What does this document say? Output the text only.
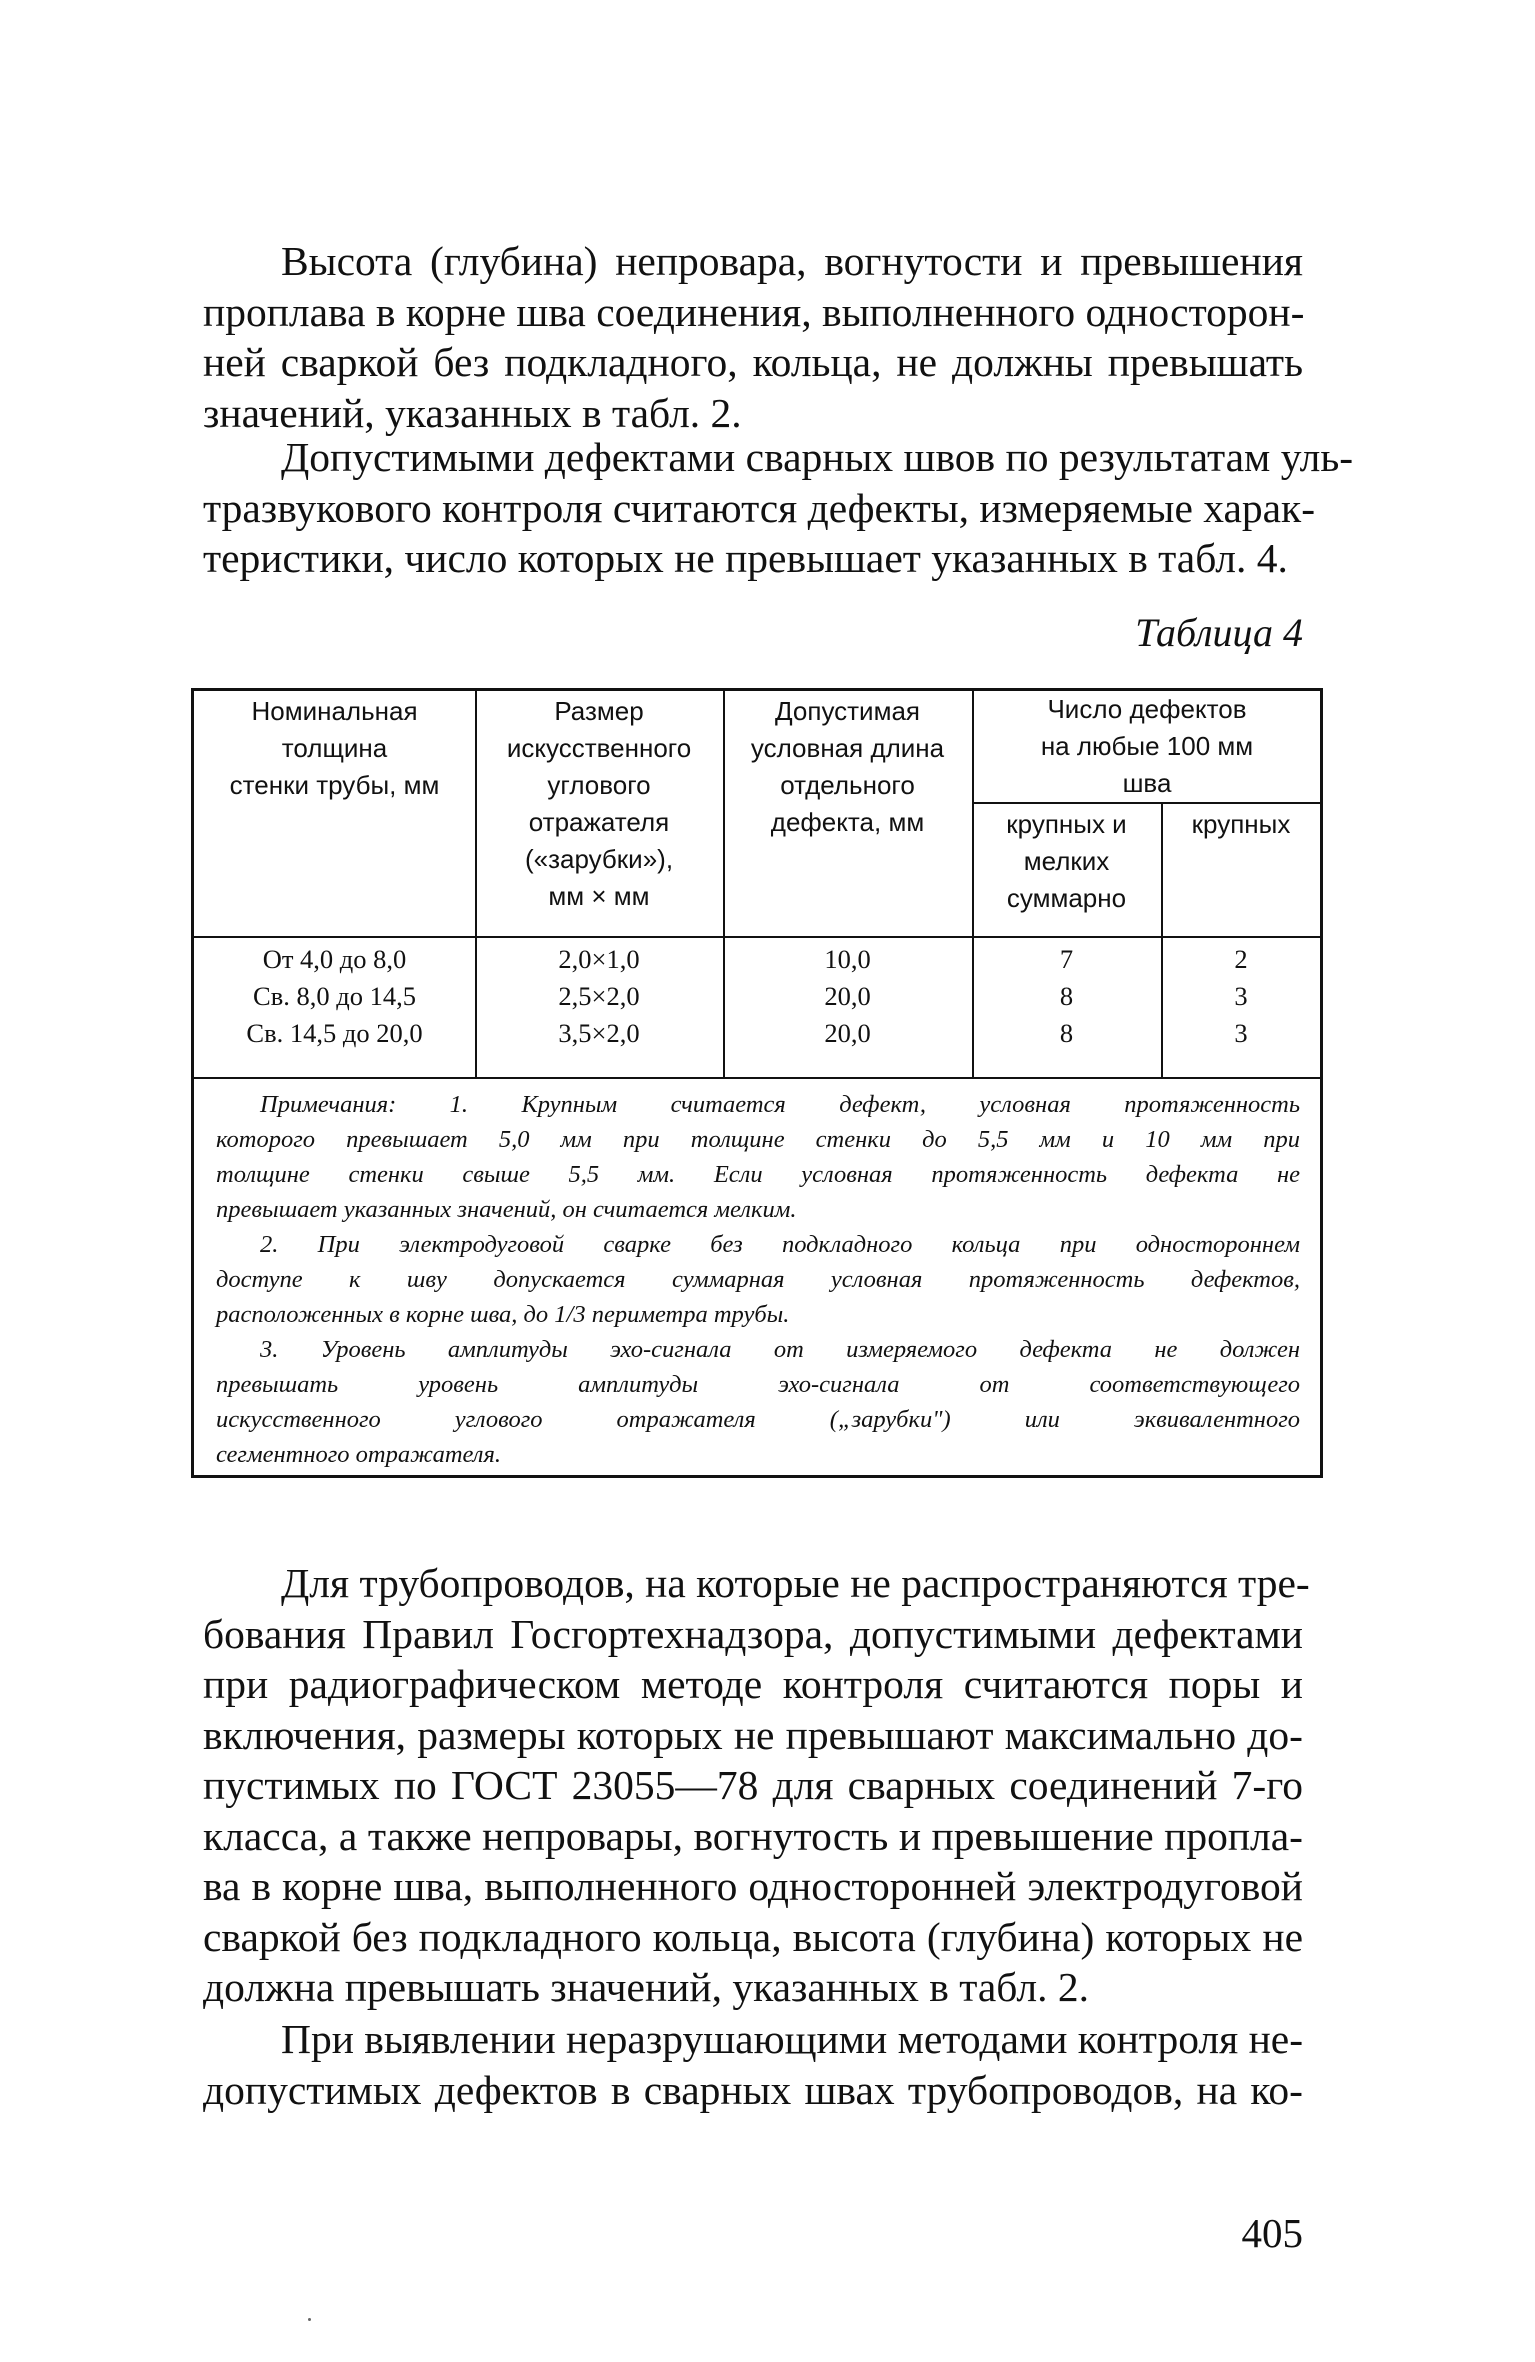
Высота (глубина) непровара, вогнутости и превышения
проплава в корне шва соединения, выполненного односторон-
ней сваркой без подкладного, кольца, не должны превышать
значений, указанных в табл. 2.

Допустимыми дефектами сварных швов по результатам уль-
тразвукового контроля считаются дефекты, измеряемые харак-
теристики, число которых не превышает указанных в табл. 4.

Таблица 4
Номинальная
толщина
стенки трубы, мм
Размер
искусственного
углового
отражателя
(«зарубки»),
мм × мм
Допустимая
условная длина
отдельного
дефекта, мм
Число дефектов
на любые 100 мм
шва
крупных и
мелких
суммарно
крупных
От 4,0 до 8,0
Св. 8,0 до 14,5
Св. 14,5 до 20,0
2,0×1,0
2,5×2,0
3,5×2,0
10,0
20,0
20,0
7
8
8
2
3
3

Примечания: 1. Крупным считается дефект, условная протяженность
которого превышает 5,0 мм при толщине стенки до 5,5 мм и 10 мм при
толщине стенки свыше 5,5 мм. Если условная протяженность дефекта не
превышает указанных значений, он считается мелким.
2. При электродуговой сварке без подкладного кольца при одностороннем
доступе к шву допускается суммарная условная протяженность дефектов,
расположенных в корне шва, до 1/3 периметра трубы.
3. Уровень амплитуды эхо-сигнала от измеряемого дефекта не должен
превышать уровень амплитуды эхо-сигнала от соответствующего
искусственного углового отражателя („зарубки") или эквивалентного
сегментного отражателя.

Для трубопроводов, на которые не распространяются тре-
бования Правил Госгортехнадзора, допустимыми дефектами
при радиографическом методе контроля считаются поры и
включения, размеры которых не превышают максимально до-
пустимых по ГОСТ 23055—78 для сварных соединений 7-го
класса, а также непровары, вогнутость и превышение пропла-
ва в корне шва, выполненного односторонней электродуговой
сваркой без подкладного кольца, высота (глубина) которых не
должна превышать значений, указанных в табл. 2.

При выявлении неразрушающими методами контроля не-
допустимых дефектов в сварных швах трубопроводов, на ко-

405
